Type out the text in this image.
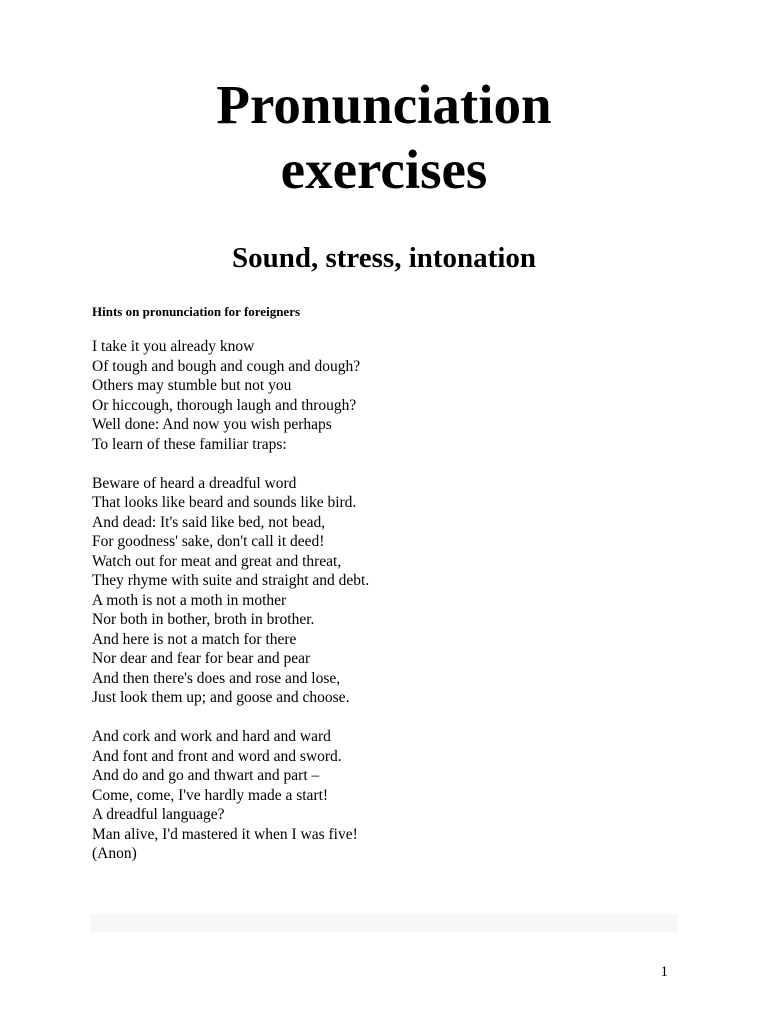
Pronunciation
exercises
Sound, stress, intonation
Hints on pronunciation for foreigners
I take it you already know
Of tough and bough and cough and dough?
Others may stumble but not you
Or hiccough, thorough laugh and through?
Well done: And now you wish perhaps
To learn of these familiar traps:
Beware of heard a dreadful word
That looks like beard and sounds like bird.
And dead: It's said like bed, not bead,
For goodness' sake, don't call it deed!
Watch out for meat and great and threat,
They rhyme with suite and straight and debt.
A moth is not a moth in mother
Nor both in bother, broth in brother.
And here is not a match for there
Nor dear and fear for bear and pear
And then there's does and rose and lose,
Just look them up; and goose and choose.
And cork and work and hard and ward
And font and front and word and sword.
And do and go and thwart and part –
Come, come, I've hardly made a start!
A dreadful language?
Man alive, I'd mastered it when I was five!
(Anon)
1
